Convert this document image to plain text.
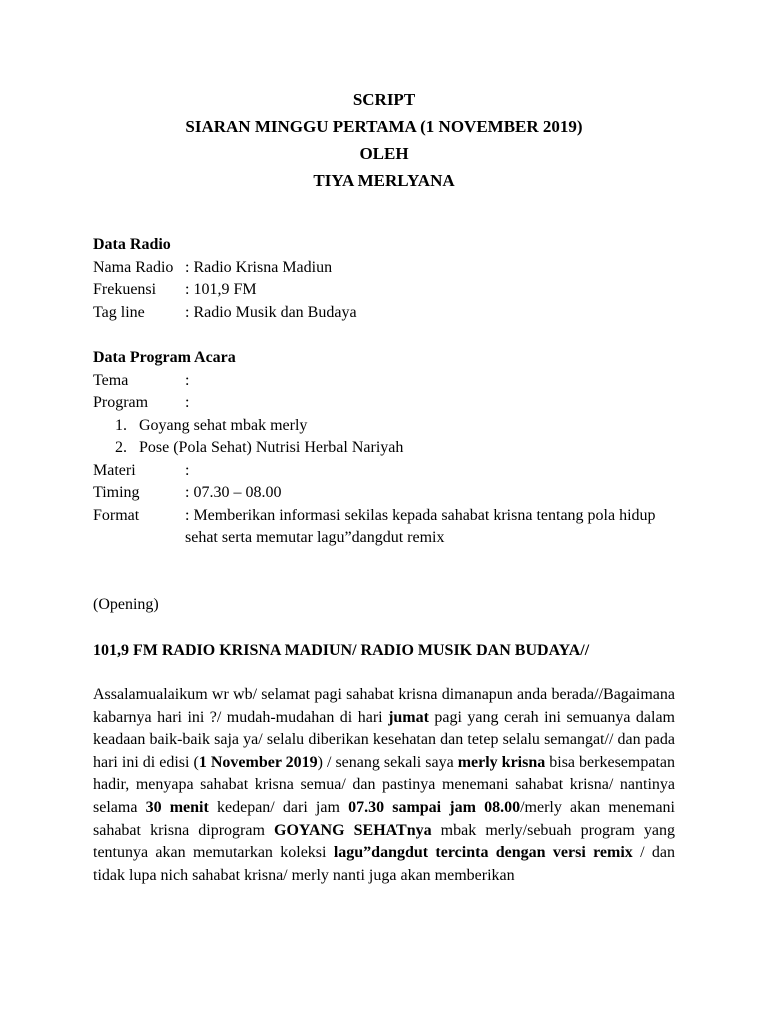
SCRIPT
SIARAN MINGGU PERTAMA (1 NOVEMBER 2019)
OLEH
TIYA MERLYANA
Data Radio
Nama Radio : Radio Krisna Madiun
Frekuensi : 101,9 FM
Tag line	: Radio Musik dan Budaya
Data Program Acara
Tema	:
Program :
1. Goyang sehat mbak merly
2. Pose (Pola Sehat) Nutrisi Herbal Nariyah
Materi	:
Timing	: 07.30 – 08.00
Format	: Memberikan informasi sekilas kepada sahabat krisna tentang pola hidup sehat serta memutar lagu”dangdut remix
(Opening)
101,9 FM RADIO KRISNA MADIUN/ RADIO MUSIK DAN BUDAYA//
Assalamualaikum wr wb/ selamat pagi sahabat krisna dimanapun anda berada//Bagaimana kabarnya hari ini ?/ mudah-mudahan di hari jumat pagi yang cerah ini semuanya dalam keadaan baik-baik saja ya/ selalu diberikan kesehatan dan tetep selalu semangat// dan pada hari ini di edisi (1 November 2019) / senang sekali saya merly krisna bisa berkesempatan hadir, menyapa sahabat krisna semua/ dan pastinya menemani sahabat krisna/ nantinya selama 30 menit kedepan/ dari jam 07.30 sampai jam 08.00/merly akan menemani sahabat krisna diprogram GOYANG SEHATnya mbak merly/sebuah program yang tentunya akan memutarkan koleksi lagu”dangdut tercinta dengan versi remix / dan tidak lupa nich sahabat krisna/ merly nanti juga akan memberikan
